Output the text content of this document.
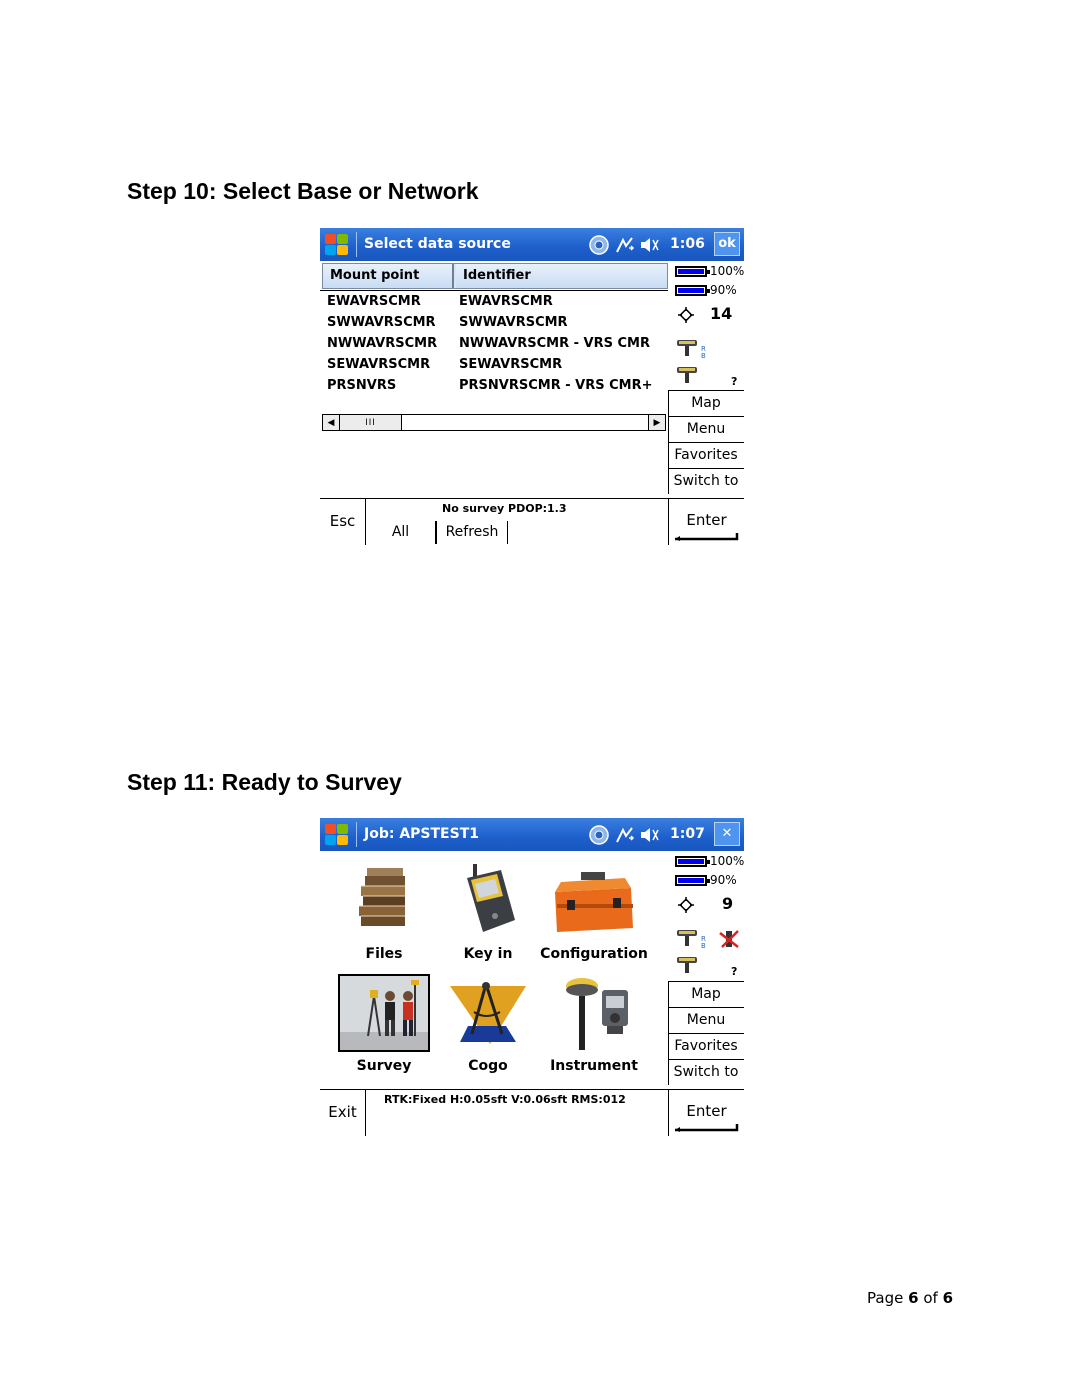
Step 10: Select Base or Network
Select data source	1:06	ok
Mount point	Identifier
EWAVRSCMR	EWAVRSCMR
SWWAVRSCMR SWWAVRSCMR
NWWAVRSCMR NWWAVRSCMR - VRS CMR
SEWAVRSCMR SEWAVRSCMR
PRSNVRS	PRSNVRSCMR - VRS CMR+
◀	III	▶
100%
90%
14
R
B
?
Map
Menu
Favorites
Switch to
Esc
No survey PDOP:1.3
All	Refresh
Enter
Step 11: Ready to Survey
Job: APSTEST1	1:07	✕
Files	Key in	Configuration
Survey	Cogo	Instrument
100%
90%
9
R
B
?
Map
Menu
Favorites
Switch to
Exit
RTK:Fixed H:0.05sft V:0.06sft RMS:012
Enter
Page 6 of 6
